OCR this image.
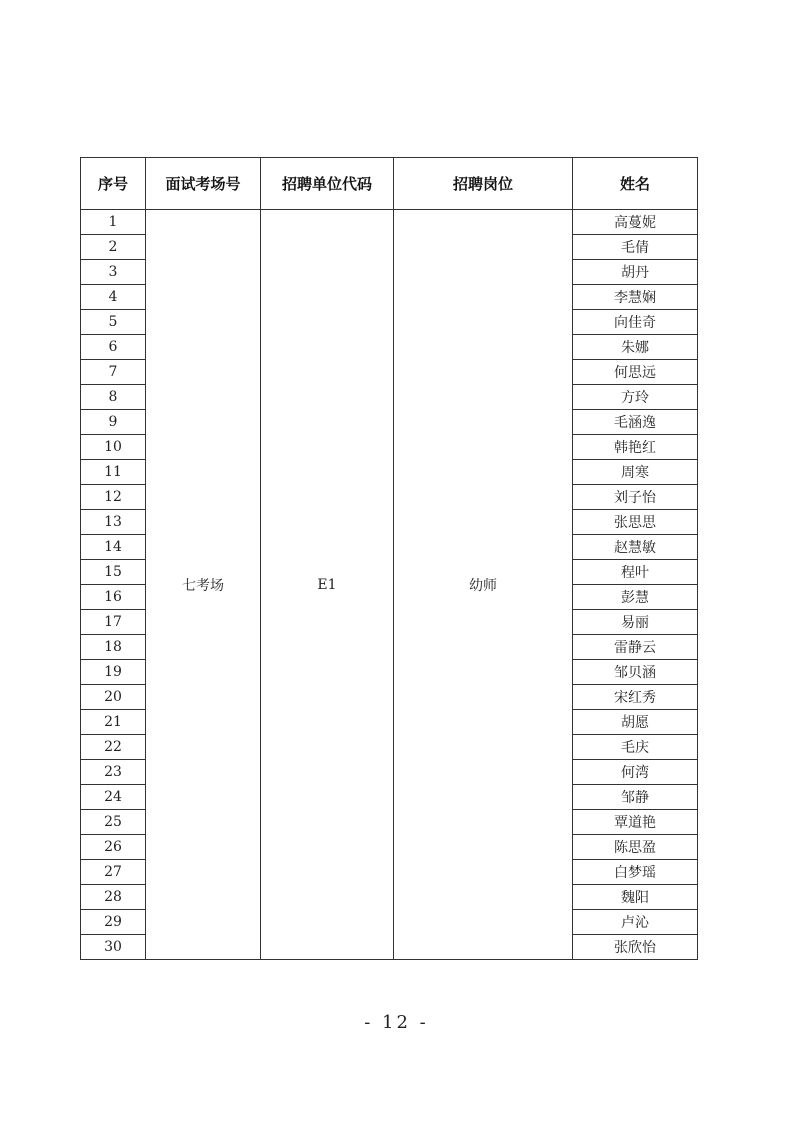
序号	面试考场号	招聘单位代码	招聘岗位	姓名
1	七考场	E1	幼师	高蔓妮
2				毛倩
3				胡丹
4				李慧娴
5				向佳奇
6				朱娜
7				何思远
8				方玲
9				毛涵逸
10				韩艳红
11				周寒
12				刘子怡
13				张思思
14				赵慧敏
15				程叶
16				彭慧
17				易丽
18				雷静云
19				邹贝涵
20				宋红秀
21				胡愿
22				毛庆
23				何湾
24				邹静
25				覃道艳
26				陈思盈
27				白梦瑶
28				魏阳
29				卢沁
30				张欣怡
- 12 -
